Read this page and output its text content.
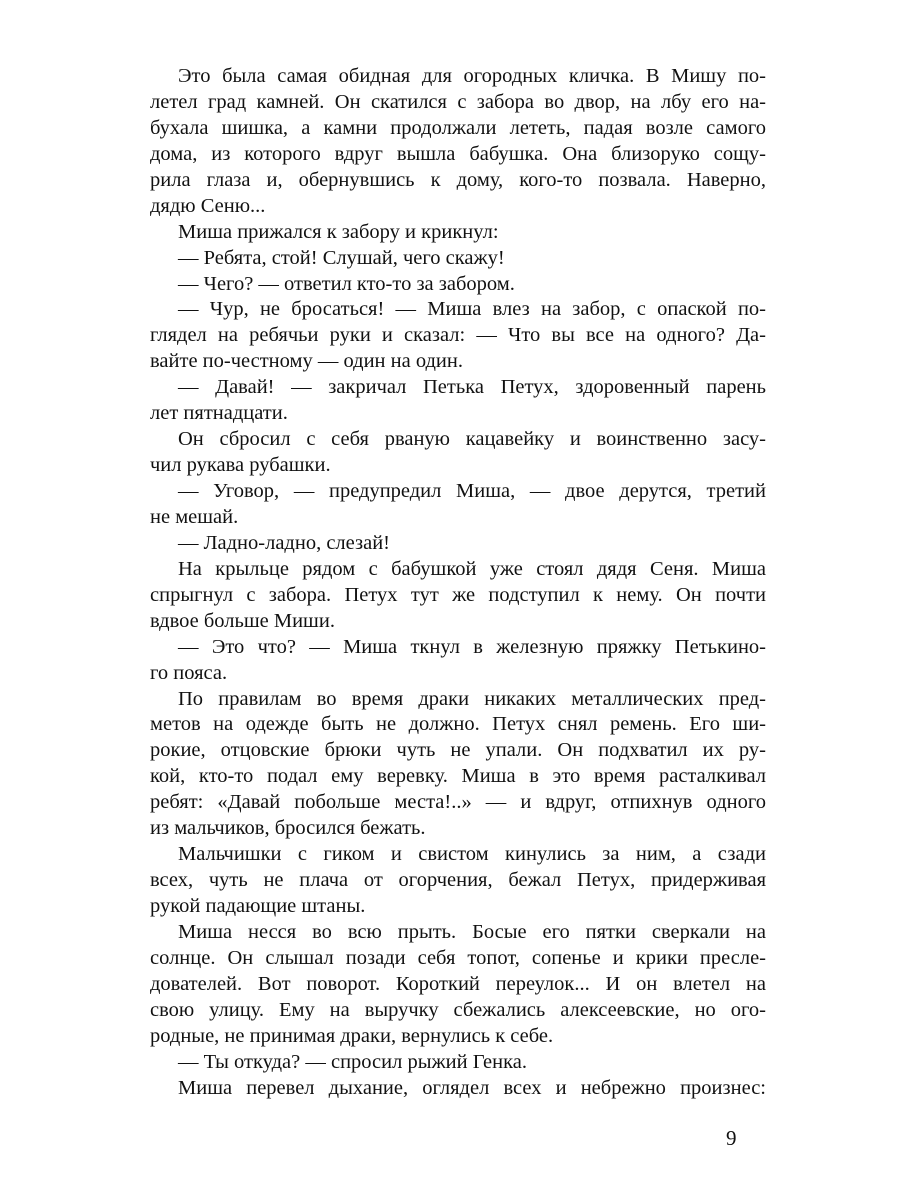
Это была самая обидная для огородных кличка. В Мишу по-
летел град камней. Он скатился с забора во двор, на лбу его на-
бухала шишка, а камни продолжали лететь, падая возле самого
дома, из которого вдруг вышла бабушка. Она близоруко сощу-
рила глаза и, обернувшись к дому, кого-то позвала. Наверно,
дядю Сеню...
Миша прижался к забору и крикнул:
— Ребята, стой! Слушай, чего скажу!
— Чего? — ответил кто-то за забором.
— Чур, не бросаться! — Миша влез на забор, с опаской по-
глядел на ребячьи руки и сказал: — Что вы все на одного? Да-
вайте по-честному — один на один.
— Давай! — закричал Петька Петух, здоровенный парень
лет пятнадцати.
Он сбросил с себя рваную кацавейку и воинственно засу-
чил рукава рубашки.
— Уговор, — предупредил Миша, — двое дерутся, третий
не мешай.
— Ладно-ладно, слезай!
На крыльце рядом с бабушкой уже стоял дядя Сеня. Миша
спрыгнул с забора. Петух тут же подступил к нему. Он почти
вдвое больше Миши.
— Это что? — Миша ткнул в железную пряжку Петькино-
го пояса.
По правилам во время драки никаких металлических пред-
метов на одежде быть не должно. Петух снял ремень. Его ши-
рокие, отцовские брюки чуть не упали. Он подхватил их ру-
кой, кто-то подал ему веревку. Миша в это время расталкивал
ребят: «Давай побольше места!..» — и вдруг, отпихнув одного
из мальчиков, бросился бежать.
Мальчишки с гиком и свистом кинулись за ним, а сзади
всех, чуть не плача от огорчения, бежал Петух, придерживая
рукой падающие штаны.
Миша несся во всю прыть. Босые его пятки сверкали на
солнце. Он слышал позади себя топот, сопенье и крики пресле-
дователей. Вот поворот. Короткий переулок... И он влетел на
свою улицу. Ему на выручку сбежались алексеевские, но ого-
родные, не принимая драки, вернулись к себе.
— Ты откуда? — спросил рыжий Генка.
Миша перевел дыхание, оглядел всех и небрежно произнес:
9
